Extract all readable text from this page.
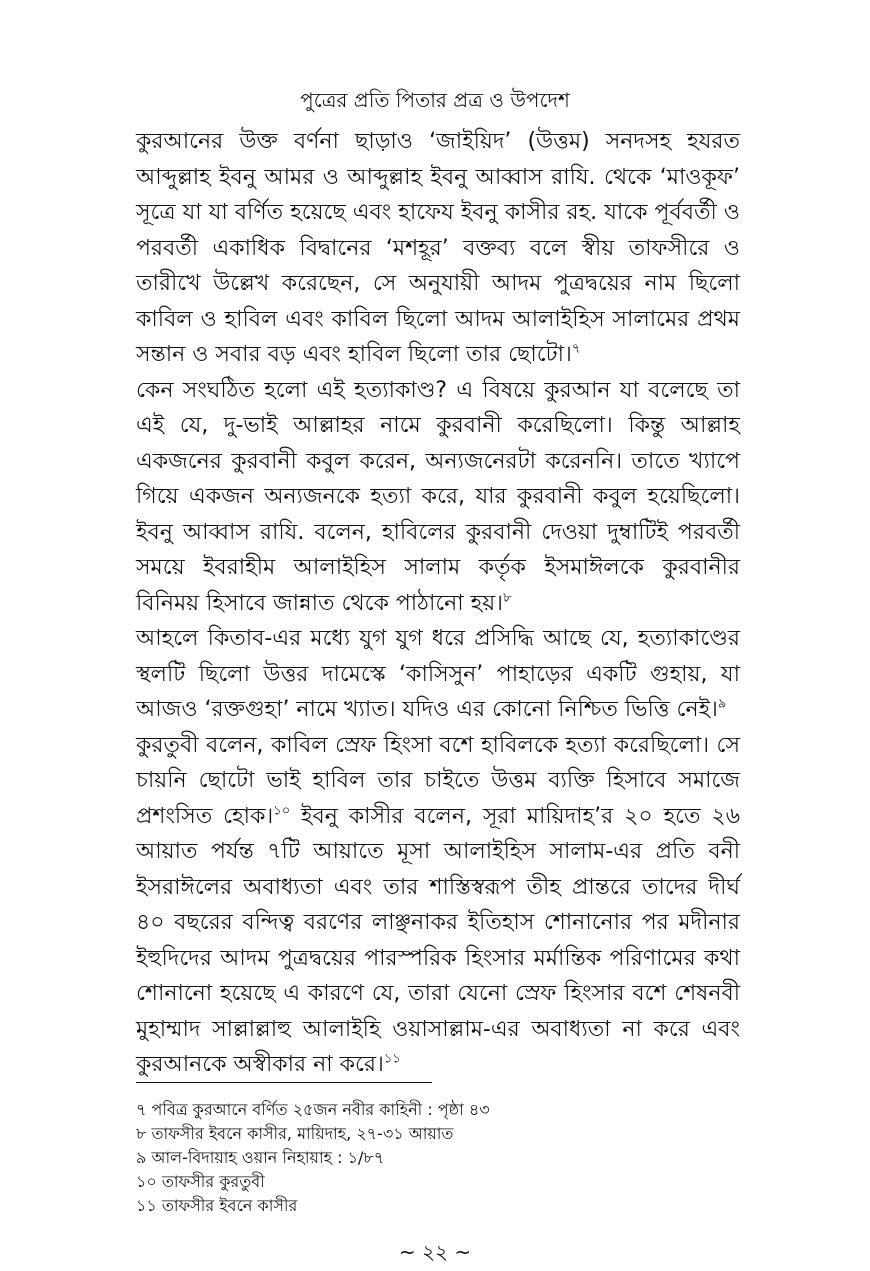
পুত্রের প্রতি পিতার প্রত্র ও উপদেশ

কুরআনের উক্ত বর্ণনা ছাড়াও ‘জাইয়িদ’ (উত্তম) সনদসহ হযরত আব্দুল্লাহ ইবনু আমর ও আব্দুল্লাহ ইবনু আব্বাস রাযি. থেকে ‘মাওকূফ’ সূত্রে যা যা বর্ণিত হয়েছে এবং হাফেয ইবনু কাসীর রহ. যাকে পূর্ববর্তী ও পরবর্তী একাধিক বিদ্বানের ‘মশহূর’ বক্তব্য বলে স্বীয় তাফসীরে ও তারীখে উল্লেখ করেছেন, সে অনুযায়ী আদম পুত্রদ্বয়ের নাম ছিলো কাবিল ও হাবিল এবং কাবিল ছিলো আদম আলাইহিস সালামের প্রথম সন্তান ও সবার বড় এবং হাবিল ছিলো তার ছোটো।$^৭$

কেন সংঘঠিত হলো এই হত্যাকাণ্ড? এ বিষয়ে কুরআন যা বলেছে তা এই যে, দু-ভাই আল্লাহর নামে কুরবানী করেছিলো। কিন্তু আল্লাহ একজনের কুরবানী কবুল করেন, অন্যজনেরটা করেননি। তাতে খ্যাপে গিয়ে একজন অন্যজনকে হত্যা করে, যার কুরবানী কবুল হয়েছিলো। ইবনু আব্বাস রাযি. বলেন, হাবিলের কুরবানী দেওয়া দুম্বাটিই পরবর্তী সময়ে ইবরাহীম আলাইহিস সালাম কর্তৃক ইসমাঈলকে কুরবানীর বিনিময় হিসাবে জান্নাত থেকে পাঠানো হয়।$^৮$

আহলে কিতাব-এর মধ্যে যুগ যুগ ধরে প্রসিদ্ধি আছে যে, হত্যাকাণ্ডের স্থলটি ছিলো উত্তর দামেস্কে ‘কাসিসুন’ পাহাড়ের একটি গুহায়, যা আজও ‘রক্তগুহা’ নামে খ্যাত। যদিও এর কোনো নিশ্চিত ভিত্তি নেই।$^৯$

কুরতুবী বলেন, কাবিল স্রেফ হিংসা বশে হাবিলকে হত্যা করেছিলো। সে চায়নি ছোটো ভাই হাবিল তার চাইতে উত্তম ব্যক্তি হিসাবে সমাজে প্রশংসিত হোক।$^{১০}$ ইবনু কাসীর বলেন, সূরা মায়িদাহ’র ২০ হতে ২৬ আয়াত পর্যন্ত ৭টি আয়াতে মূসা আলাইহিস সালাম-এর প্রতি বনী ইসরাঈলের অবাধ্যতা এবং তার শাস্তিস্বরূপ তীহ প্রান্তরে তাদের দীর্ঘ ৪০ বছরের বন্দিত্ব বরণের লাঞ্ছনাকর ইতিহাস শোনানোর পর মদীনার ইহুদিদের আদম পুত্রদ্বয়ের পারস্পরিক হিংসার মর্মান্তিক পরিণামের কথা শোনানো হয়েছে এ কারণে যে, তারা যেনো স্রেফ হিংসার বশে শেষনবী মুহাম্মাদ সাল্লাল্লাহু আলাইহি ওয়াসাল্লাম-এর অবাধ্যতা না করে এবং কুরআনকে অস্বীকার না করে।$^{১১}$

৭ পবিত্র কুরআনে বর্ণিত ২৫জন নবীর কাহিনী : পৃষ্ঠা ৪৩

৮ তাফসীর ইবনে কাসীর, মায়িদাহ, ২৭-৩১ আয়াত

৯ আল-বিদায়াহ ওয়ান নিহায়াহ : ১/৮৭

১০ তাফসীর কুরতুবী

১১ তাফসীর ইবনে কাসীর

~ ২২ ~
